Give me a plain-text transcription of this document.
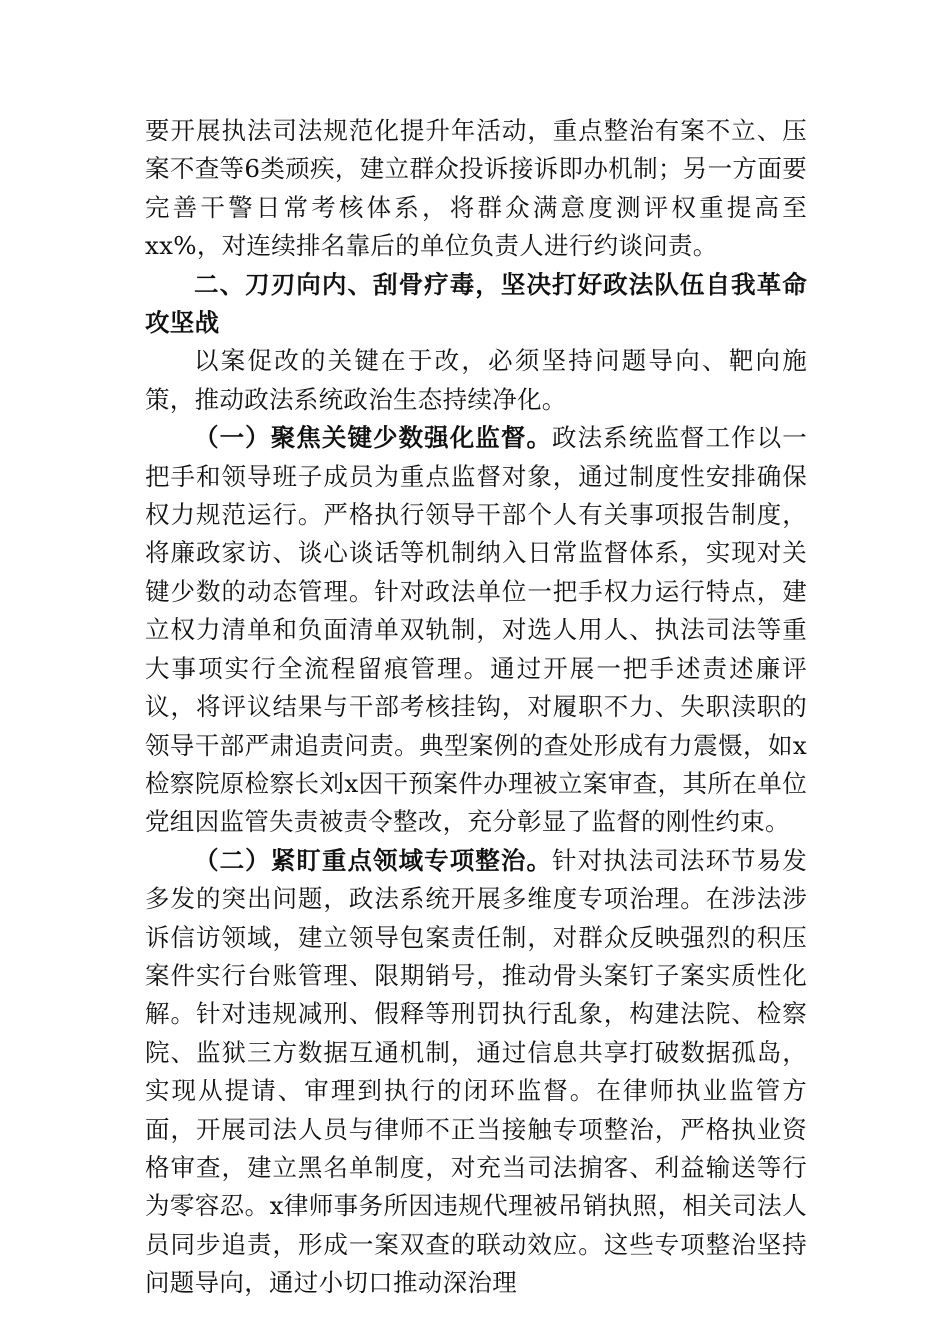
要开展执法司法规范化提升年活动，重点整治有案不立、压案不查等6类顽疾，建立群众投诉接诉即办机制；另一方面要完善干警日常考核体系，将群众满意度测评权重提高至xx%，对连续排名靠后的单位负责人进行约谈问责。

二、刀刃向内、刮骨疗毒，坚决打好政法队伍自我革命攻坚战

以案促改的关键在于改，必须坚持问题导向、靶向施策，推动政法系统政治生态持续净化。

（一）聚焦关键少数强化监督。政法系统监督工作以一把手和领导班子成员为重点监督对象，通过制度性安排确保权力规范运行。严格执行领导干部个人有关事项报告制度，将廉政家访、谈心谈话等机制纳入日常监督体系，实现对关键少数的动态管理。针对政法单位一把手权力运行特点，建立权力清单和负面清单双轨制，对选人用人、执法司法等重大事项实行全流程留痕管理。通过开展一把手述责述廉评议，将评议结果与干部考核挂钩，对履职不力、失职渎职的领导干部严肃追责问责。典型案例的查处形成有力震慑，如x检察院原检察长刘x因干预案件办理被立案审查，其所在单位党组因监管失责被责令整改，充分彰显了监督的刚性约束。

（二）紧盯重点领域专项整治。针对执法司法环节易发多发的突出问题，政法系统开展多维度专项治理。在涉法涉诉信访领域，建立领导包案责任制，对群众反映强烈的积压案件实行台账管理、限期销号，推动骨头案钉子案实质性化解。针对违规减刑、假释等刑罚执行乱象，构建法院、检察院、监狱三方数据互通机制，通过信息共享打破数据孤岛，实现从提请、审理到执行的闭环监督。在律师执业监管方面，开展司法人员与律师不正当接触专项整治，严格执业资格审查，建立黑名单制度，对充当司法掮客、利益输送等行为零容忍。x律师事务所因违规代理被吊销执照，相关司法人员同步追责，形成一案双查的联动效应。这些专项整治坚持问题导向，通过小切口推动深治理
